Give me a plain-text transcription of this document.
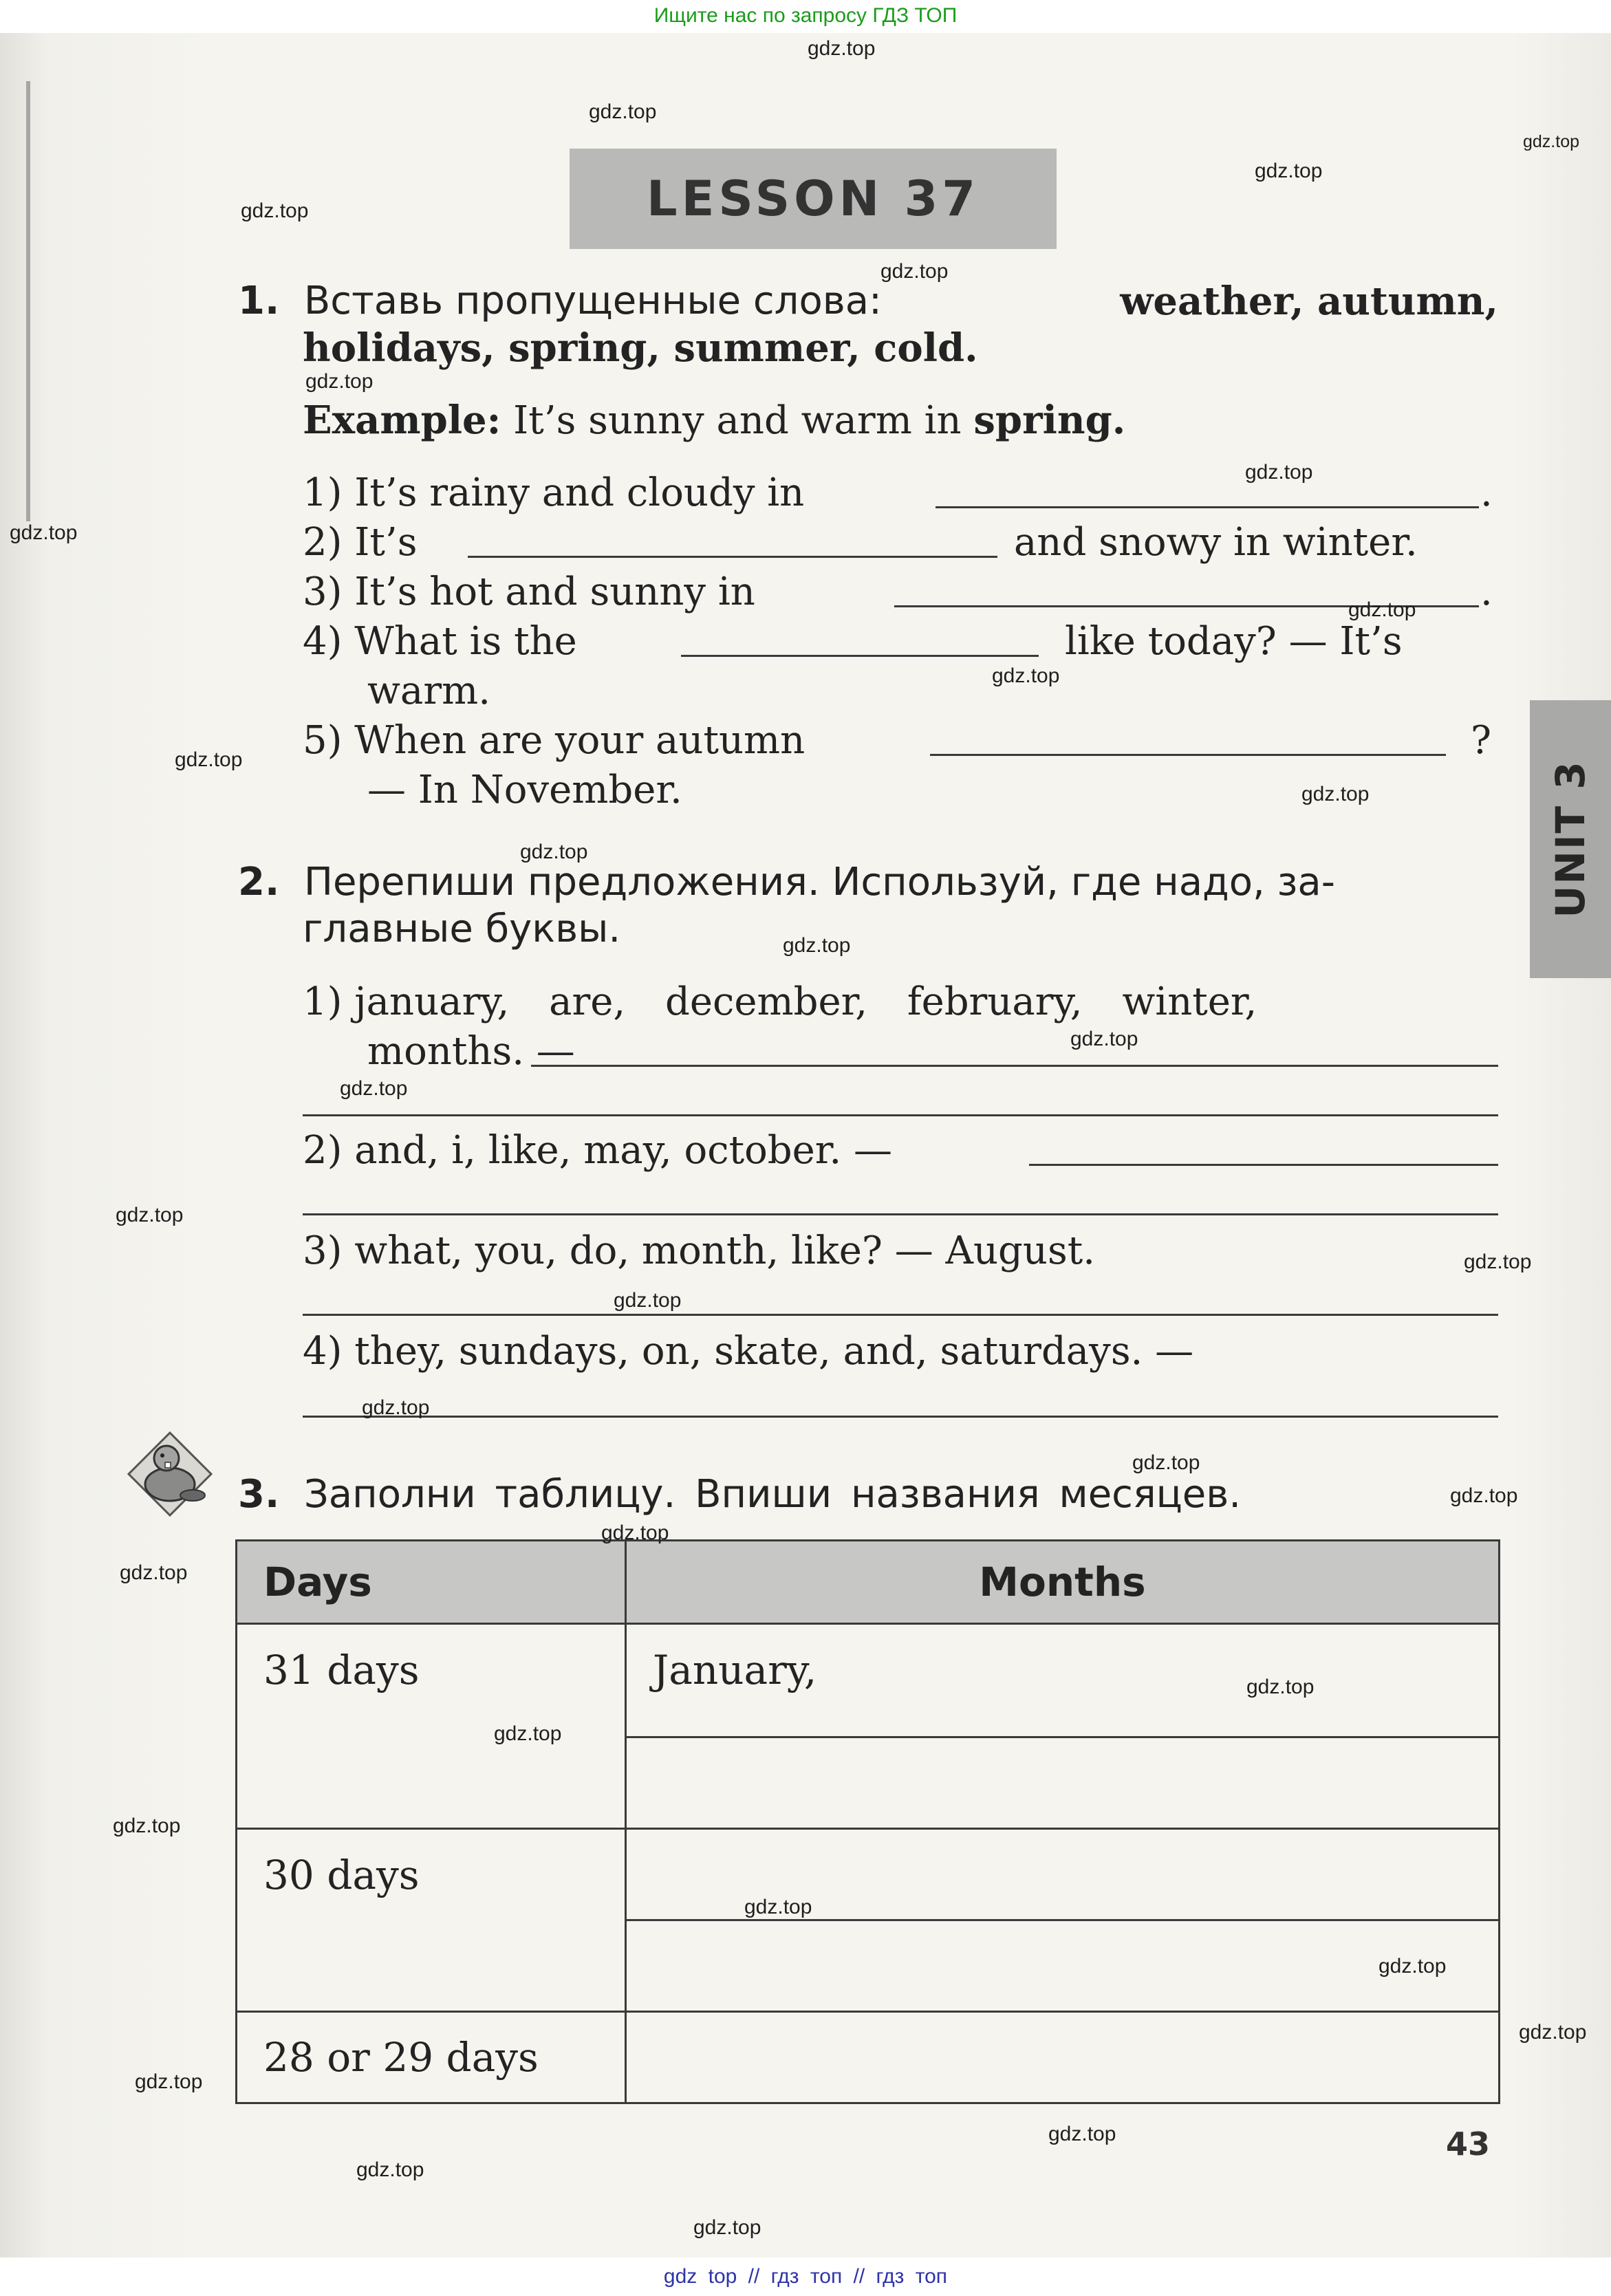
Ищите нас по запросу ГДЗ ТОП
LESSON 37
UNIT 3
1. Вставь пропущенные слова:	weather, autumn,
holidays, spring, summer, cold.
Example: It’s sunny and warm in spring.
1) It’s rainy and cloudy in	.
2) It’s	and snowy in winter.
3) It’s hot and sunny in	.
4) What is the	like today? — It’s
warm.
5) When are your autumn	?
— In November.
2. Перепиши предложения. Используй, где надо, за-
главные буквы.
1) january, are, december, february, winter,
months. —
2) and, i, like, may, october. —
3) what, you, do, month, like? — August.
4) they, sundays, on, skate, and, saturdays. —
3. Заполни таблицу. Впиши названия месяцев.
Days	Months
31 days	January,

30 days	

28 or 29 days	
43
gdz.top
gdz.top
gdz.top
gdz.top
gdz.top
gdz.top
gdz.top
gdz.top
gdz.top
gdz.top
gdz.top
gdz.top
gdz.top
gdz.top
gdz.top
gdz.top
gdz.top
gdz.top
gdz.top
gdz.top
gdz.top
gdz.top
gdz.top
gdz.top
gdz.top
gdz.top
gdz.top
gdz.top
gdz.top
gdz.top
gdz.top
gdz.top
gdz.top
gdz.top
gdz.top
gdz top // гдз топ // гдз топ
